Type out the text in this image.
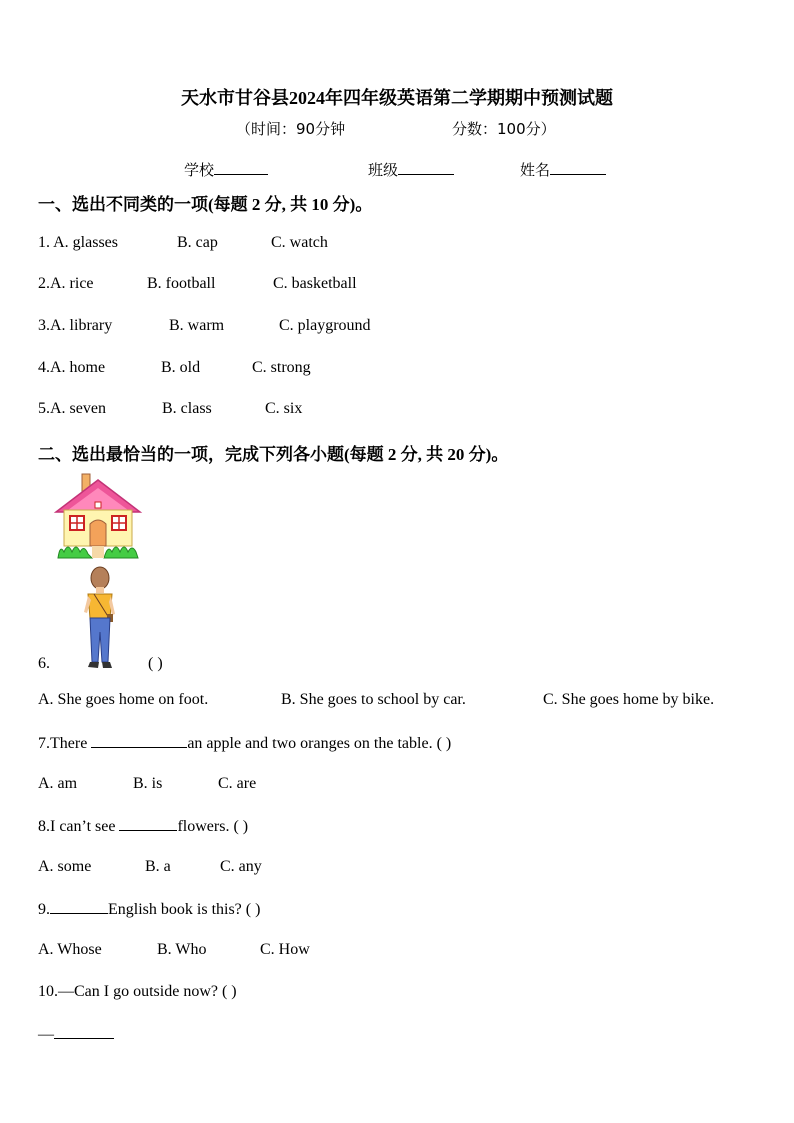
天水市甘谷县2024年四年级英语第二学期期中预测试题
（时间：90分钟	分数：100分）
学校	班级	姓名
一、选出不同类的一项(每题 2 分, 共 10 分)。
1. A. glasses	B. cap	C. watch
2.A. rice	B. football	C. basketball
3.A. library	B. warm	C. playground
4.A. home	B. old	C. strong
5.A. seven	B. class	C. six
二、选出最恰当的一项，完成下列各小题(每题 2 分, 共 20 分)。
6.	( )
A. She goes home on foot.	B. She goes to school by car.	C. She goes home by bike.
7.There	an apple and two oranges on the table. ( )
A. am	B. is	C. are
8.I can’t see	flowers. ( )
A. some	B. a	C. any
9.	English book is this? ( )
A. Whose	B. Who	C. How
10.—Can I go outside now? ( )
—
